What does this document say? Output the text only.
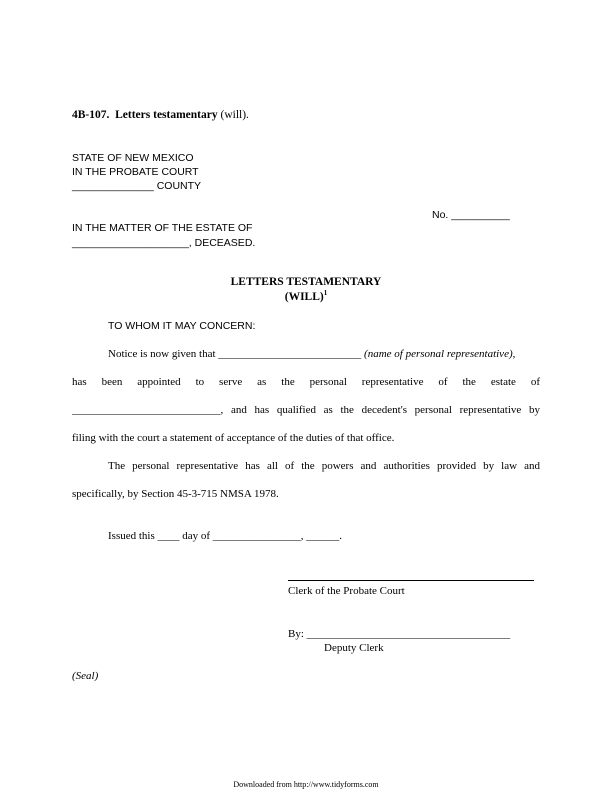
4B-107. Letters testamentary (will).
STATE OF NEW MEXICO
IN THE PROBATE COURT
______________ COUNTY
No. __________
IN THE MATTER OF THE ESTATE OF
____________________, DECEASED.
LETTERS TESTAMENTARY
(WILL)$^1$
TO WHOM IT MAY CONCERN:
Notice is now given that __________________________ (name of personal representative),
has been appointed to serve as the personal representative of the estate of
___________________________, and has qualified as the decedent's personal representative by
filing with the court a statement of acceptance of the duties of that office.
The personal representative has all of the powers and authorities provided by law and
specifically, by Section 45-3-715 NMSA 1978.
Issued this ____ day of ________________, ______.
Clerk of the Probate Court
By: _____________________________________
Deputy Clerk
(Seal)
Downloaded from http://www.tidyforms.com
